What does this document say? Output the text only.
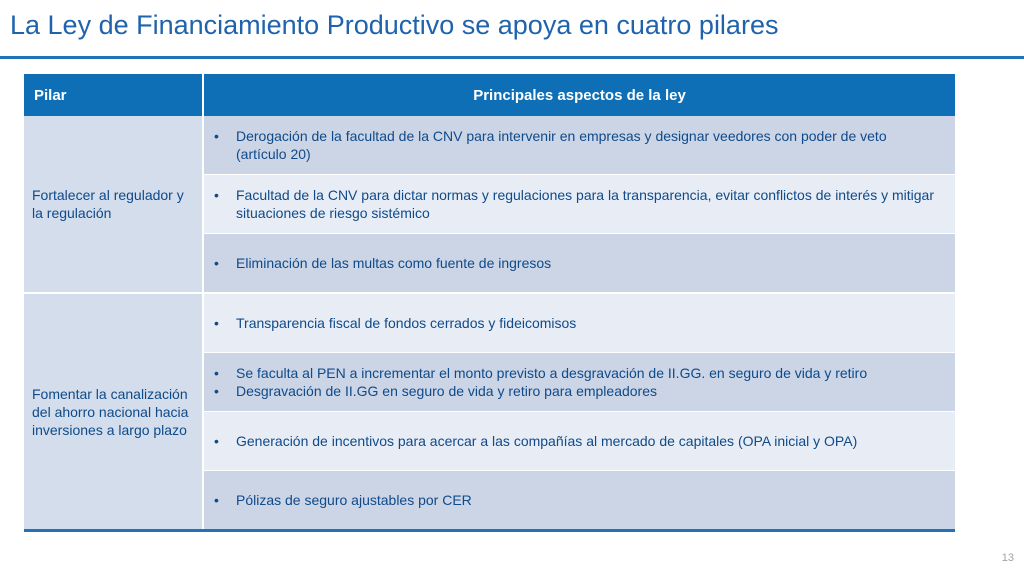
La Ley de Financiamiento Productivo se apoya en cuatro pilares
Pilar	Principales aspectos de la ley
Fortalecer al regulador y la regulación	• Derogación de la facultad de la CNV para intervenir en empresas y designar veedores con poder de veto (artículo 20)

	• Facultad de la CNV para dictar normas y regulaciones para la transparencia, evitar conflictos de interés y mitigar situaciones de riesgo sistémico

	• Eliminación de las multas como fuente de ingresos

Fomentar la canalización del ahorro nacional hacia inversiones a largo plazo	• Transparencia fiscal de fondos cerrados y fideicomisos

	• Se faculta al PEN a incrementar el monto previsto a desgravación de II.GG. en seguro de vida y retiro
• Desgravación de II.GG en seguro de vida y retiro para empleadores

	• Generación de incentivos para acercar a las compañías al mercado de capitales (OPA inicial y OPA)

	• Pólizas de seguro ajustables por CER
13
